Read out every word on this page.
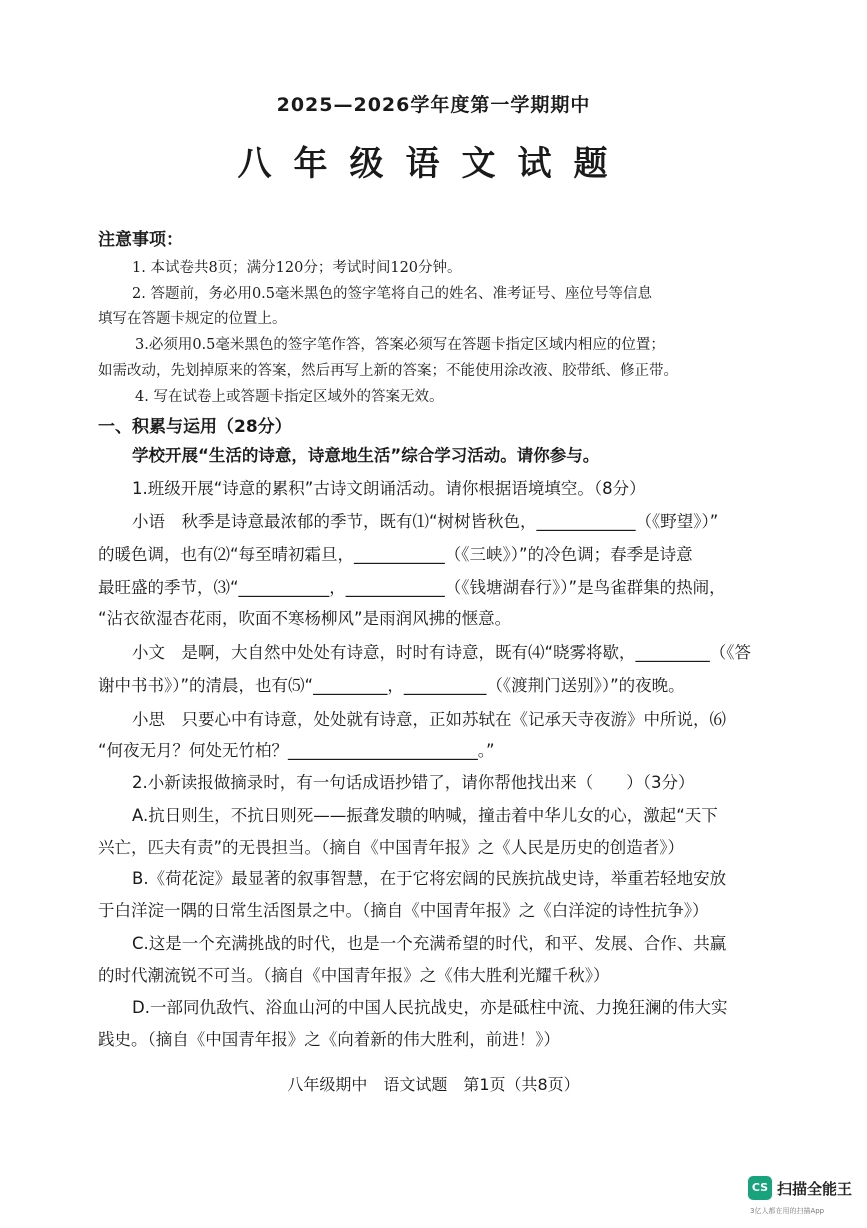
2025—2026学年度第一学期期中
八年级语文试题
注意事项：
1. 本试卷共8页；满分120分；考试时间120分钟。
2. 答题前，务必用0.5毫米黑色的签字笔将自己的姓名、准考证号、座位号等信息
填写在答题卡规定的位置上。
3.必须用0.5毫米黑色的签字笔作答，答案必须写在答题卡指定区域内相应的位置；
如需改动，先划掉原来的答案，然后再写上新的答案；不能使用涂改液、胶带纸、修正带。
4. 写在试卷上或答题卡指定区域外的答案无效。
一、积累与运用（28分）
学校开展“生活的诗意，诗意地生活”综合学习活动。请你参与。
1.班级开展“诗意的累积”古诗文朗诵活动。请你根据语境填空。（8分）
小语　秋季是诗意最浓郁的季节，既有⑴“树树皆秋色，____________（《野望》）”
的暖色调，也有⑵“每至晴初霜旦，___________（《三峡》）”的冷色调；春季是诗意
最旺盛的季节，⑶“___________，____________（《钱塘湖春行》）”是鸟雀群集的热闹，
“沾衣欲湿杏花雨，吹面不寒杨柳风”是雨润风拂的惬意。
小文　是啊，大自然中处处有诗意，时时有诗意，既有⑷“晓雾将歇，_________（《答
谢中书书》）”的清晨，也有⑸“_________，__________（《渡荆门送别》）”的夜晚。
小思　只要心中有诗意，处处就有诗意，正如苏轼在《记承天寺夜游》中所说，⑹
“何夜无月？何处无竹柏？_______________________。”
2.小新读报做摘录时，有一句话成语抄错了，请你帮他找出来（　　）（3分）
A.抗日则生，不抗日则死——振聋发聩的呐喊，撞击着中华儿女的心，激起“天下
兴亡，匹夫有责”的无畏担当。（摘自《中国青年报》之《人民是历史的创造者》）
B.《荷花淀》最显著的叙事智慧，在于它将宏阔的民族抗战史诗，举重若轻地安放
于白洋淀一隅的日常生活图景之中。（摘自《中国青年报》之《白洋淀的诗性抗争》）
C.这是一个充满挑战的时代，也是一个充满希望的时代，和平、发展、合作、共赢
的时代潮流锐不可当。（摘自《中国青年报》之《伟大胜利光耀千秋》）
D.一部同仇敌忾、浴血山河的中国人民抗战史，亦是砥柱中流、力挽狂澜的伟大实
践史。（摘自《中国青年报》之《向着新的伟大胜利，前进！》）
八年级期中　语文试题　第1页（共8页）
CS 扫描全能王
3亿人都在用的扫描App
